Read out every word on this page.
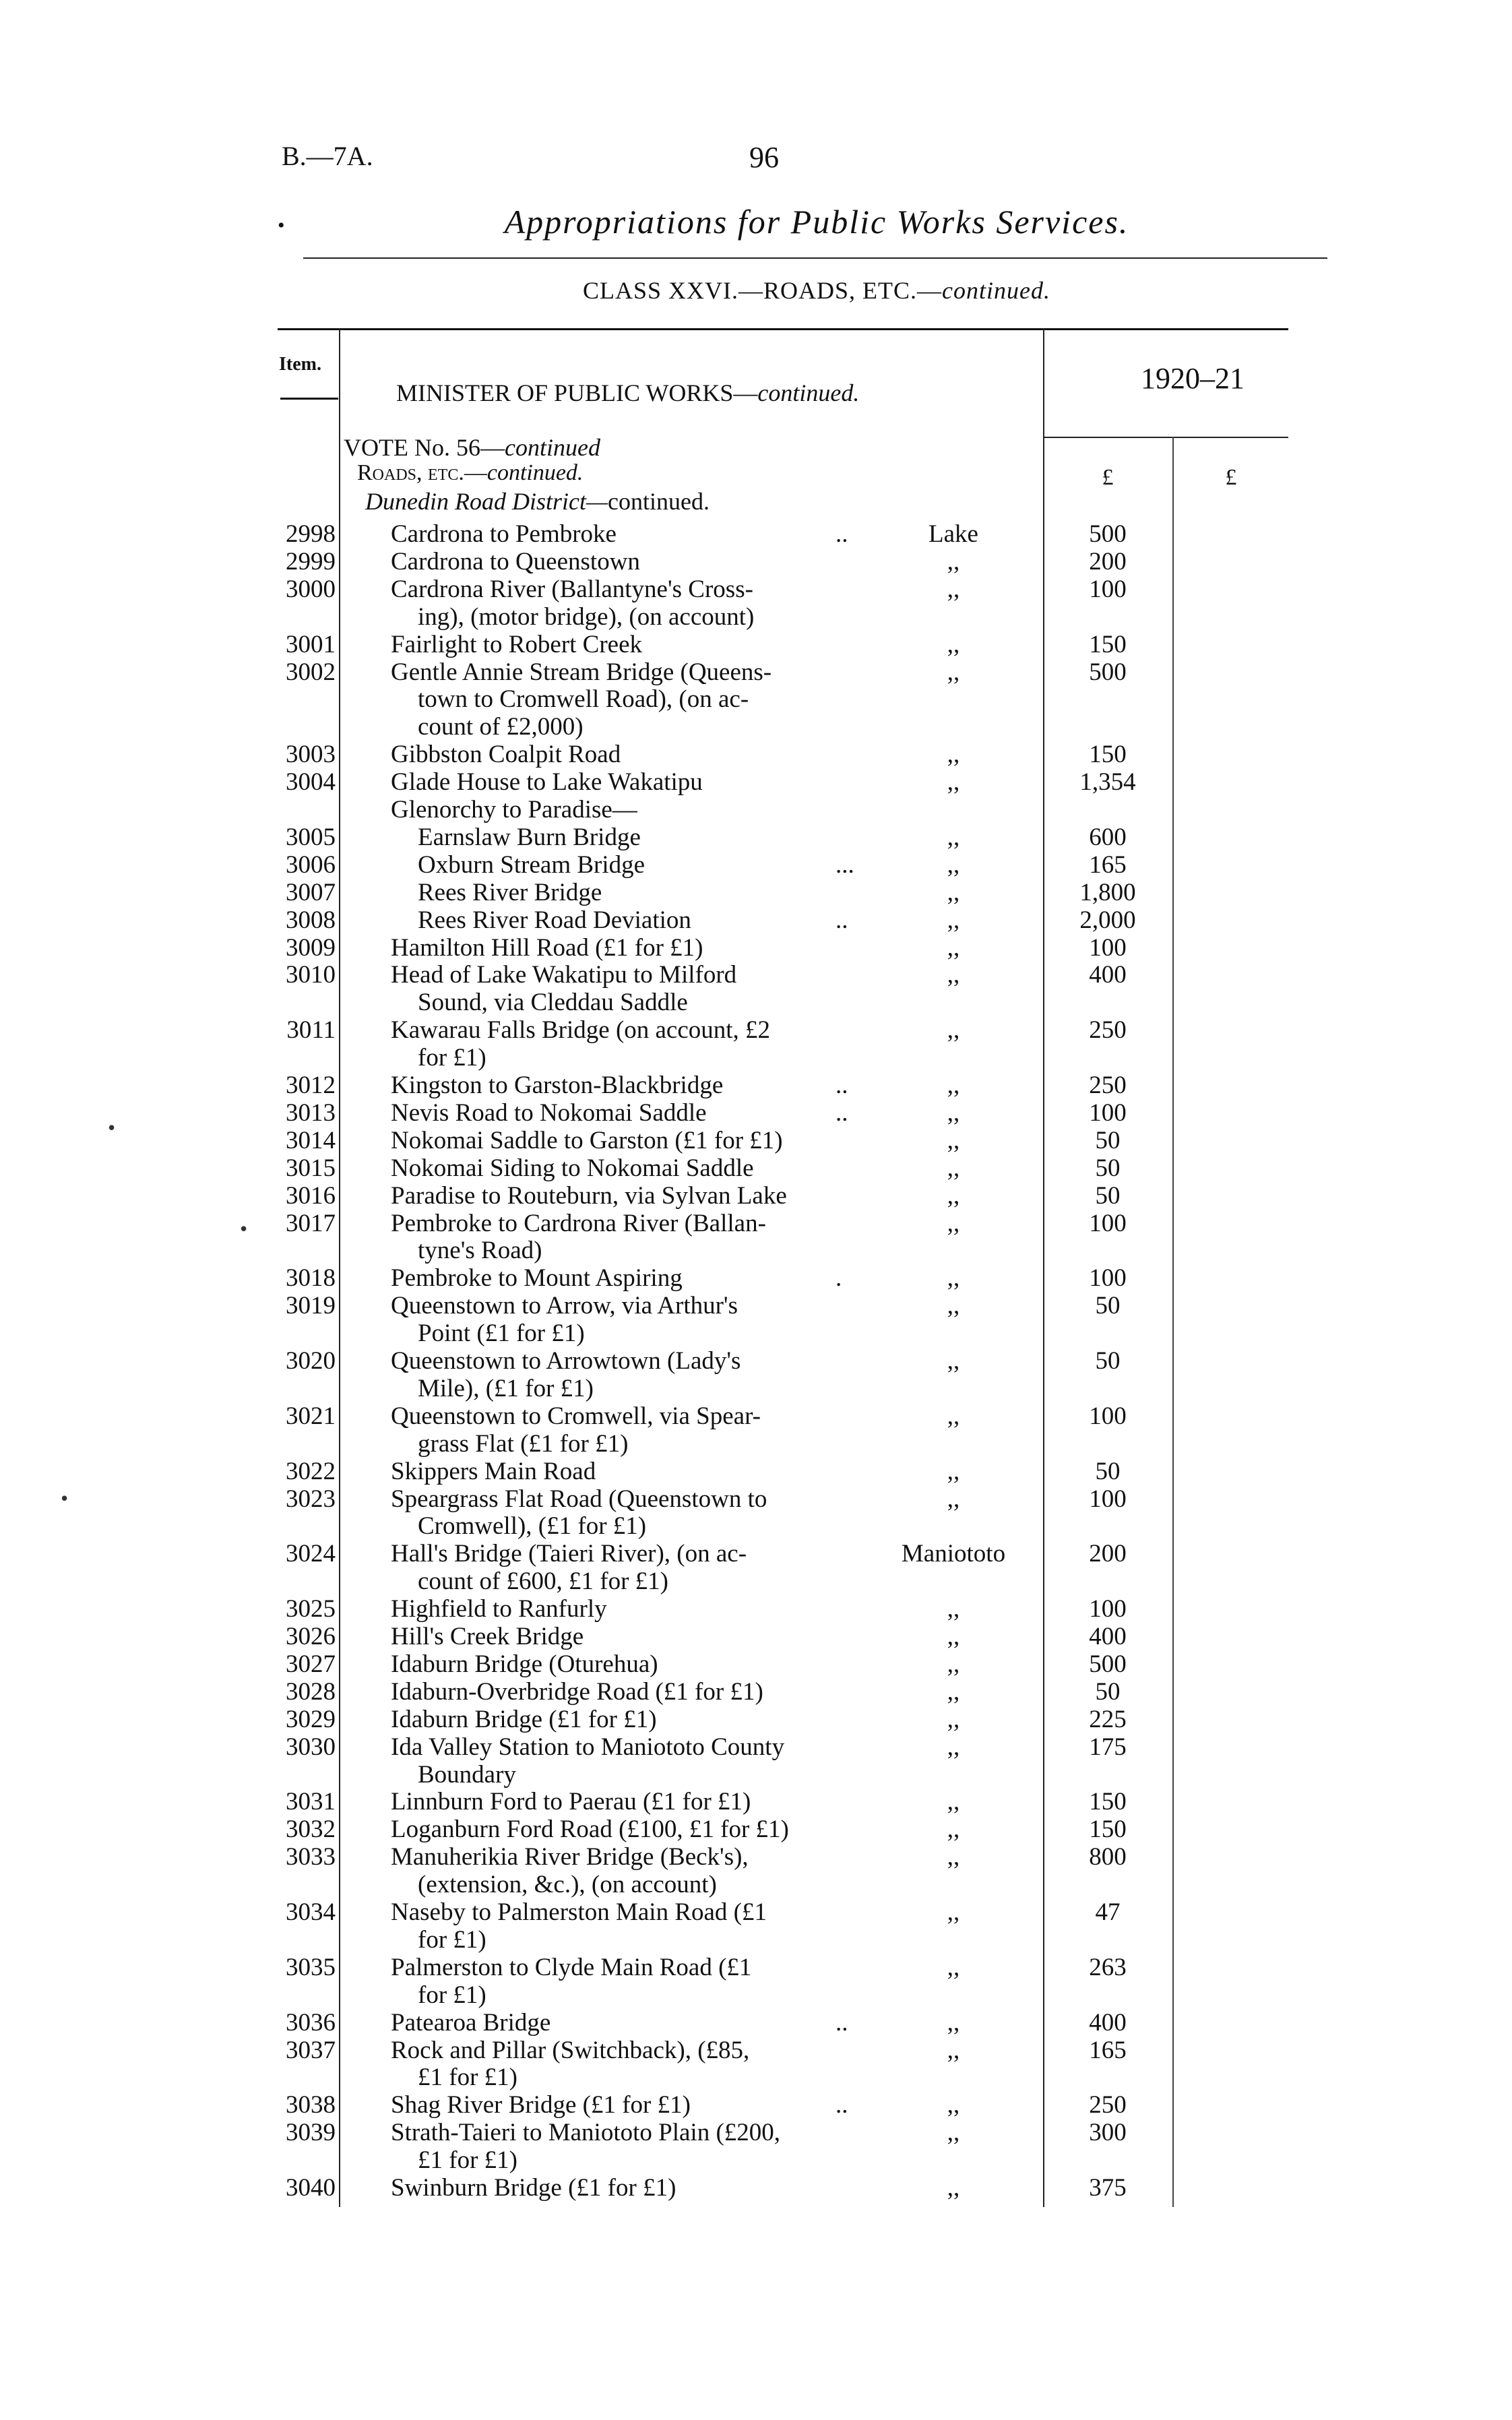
B.—7A.	96
•	Appropriations for Public Works Services.
CLASS XXVI.—ROADS, ETC.—continued.
Item.
MINISTER OF PUBLIC WORKS—continued.	1920–21
£	£
VOTE No. 56—continued
Roads, etc.—continued.
Dunedin Road District—continued.
•
•
•
2998 Cardrona to Pembroke	..	Lake	500
2999 Cardrona to Queenstown	,,	200
3000 Cardrona River (Ballantyne's Cross-	,,	100
ing), (motor bridge), (on account)
3001 Fairlight to Robert Creek	,,	150
3002 Gentle Annie Stream Bridge (Queens-	,,	500
town to Cromwell Road), (on ac-
count of £2,000)
3003 Gibbston Coalpit Road	,,	150
3004 Glade House to Lake Wakatipu	,,	1,354
Glenorchy to Paradise—
3005	Earnslaw Burn Bridge	,,	600
3006	Oxburn Stream Bridge	...	,,	165
3007	Rees River Bridge	,,	1,800
3008	Rees River Road Deviation	..	,,	2,000
3009 Hamilton Hill Road (£1 for £1)	,,	100
3010 Head of Lake Wakatipu to Milford	,,	400
Sound, via Cleddau Saddle
3011 Kawarau Falls Bridge (on account, £2	,,	250
for £1)
3012 Kingston to Garston-Blackbridge	..	,,	250
3013 Nevis Road to Nokomai Saddle	..	,,	100
3014 Nokomai Saddle to Garston (£1 for £1)	,,	50
3015 Nokomai Siding to Nokomai Saddle	,,	50
3016 Paradise to Routeburn, via Sylvan Lake	,,	50
3017 Pembroke to Cardrona River (Ballan-	,,	100
tyne's Road)
3018 Pembroke to Mount Aspiring	.	,,	100
3019 Queenstown to Arrow, via Arthur's	,,	50
Point (£1 for £1)
3020 Queenstown to Arrowtown (Lady's	,,	50
Mile), (£1 for £1)
3021 Queenstown to Cromwell, via Spear-	,,	100
grass Flat (£1 for £1)
3022 Skippers Main Road	,,	50
3023 Speargrass Flat Road (Queenstown to	,,	100
Cromwell), (£1 for £1)
3024 Hall's Bridge (Taieri River), (on ac-	Maniototo	200
count of £600, £1 for £1)
3025 Highfield to Ranfurly	,,	100
3026 Hill's Creek Bridge	,,	400
3027 Idaburn Bridge (Oturehua)	,,	500
3028 Idaburn-Overbridge Road (£1 for £1)	,,	50
3029 Idaburn Bridge (£1 for £1)	,,	225
3030 Ida Valley Station to Maniototo County	,,	175
Boundary
3031 Linnburn Ford to Paerau (£1 for £1)	,,	150
3032 Loganburn Ford Road (£100, £1 for £1)	,,	150
3033 Manuherikia River Bridge (Beck's),	,,	800
(extension, &c.), (on account)
3034 Naseby to Palmerston Main Road (£1	,,	47
for £1)
3035 Palmerston to Clyde Main Road (£1	,,	263
for £1)
3036 Patearoa Bridge	..	,,	400
3037 Rock and Pillar (Switchback), (£85,	,,	165
£1 for £1)
3038 Shag River Bridge (£1 for £1)	..	,,	250
3039 Strath-Taieri to Maniototo Plain (£200,	,,	300
£1 for £1)
3040 Swinburn Bridge (£1 for £1)	,,	375
